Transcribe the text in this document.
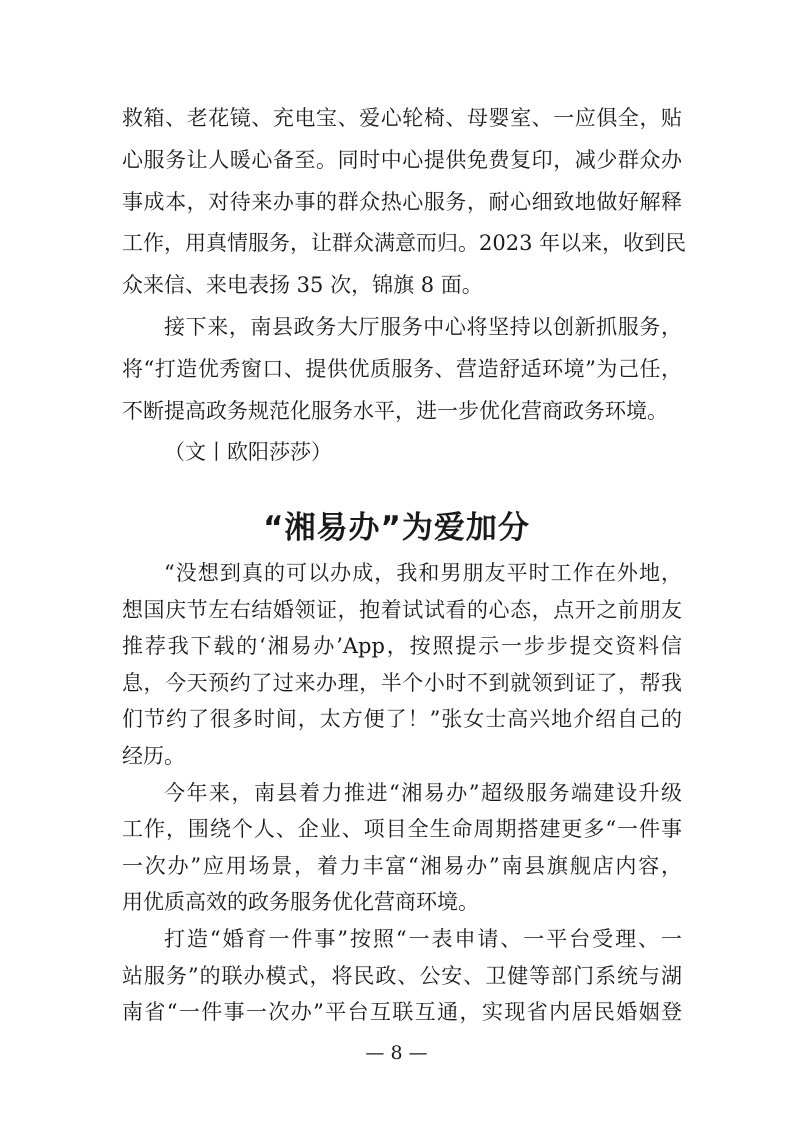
救箱、老花镜、充电宝、爱心轮椅、母婴室、一应俱全，贴
心服务让人暖心备至。同时中心提供免费复印，减少群众办
事成本，对待来办事的群众热心服务，耐心细致地做好解释
工作，用真情服务，让群众满意而归。2023 年以来，收到民
众来信、来电表扬 35 次，锦旗 8 面。
接下来，南县政务大厅服务中心将坚持以创新抓服务，
将“打造优秀窗口、提供优质服务、营造舒适环境”为己任，
不断提高政务规范化服务水平，进一步优化营商政务环境。
（文丨欧阳莎莎）
“湘易办”为爱加分
— 8 —
“没想到真的可以办成，我和男朋友平时工作在外地，
想国庆节左右结婚领证，抱着试试看的心态，点开之前朋友
推荐我下载的‘湘易办’App，按照提示一步步提交资料信
息，今天预约了过来办理，半个小时不到就领到证了，帮我
们节约了很多时间，太方便了！”张女士高兴地介绍自己的
经历。
今年来，南县着力推进“湘易办”超级服务端建设升级
工作，围绕个人、企业、项目全生命周期搭建更多“一件事
一次办”应用场景，着力丰富“湘易办”南县旗舰店内容，
用优质高效的政务服务优化营商环境。
打造“婚育一件事”按照“一表申请、一平台受理、一
站服务”的联办模式，将民政、公安、卫健等部门系统与湖
南省“一件事一次办”平台互联互通，实现省内居民婚姻登
